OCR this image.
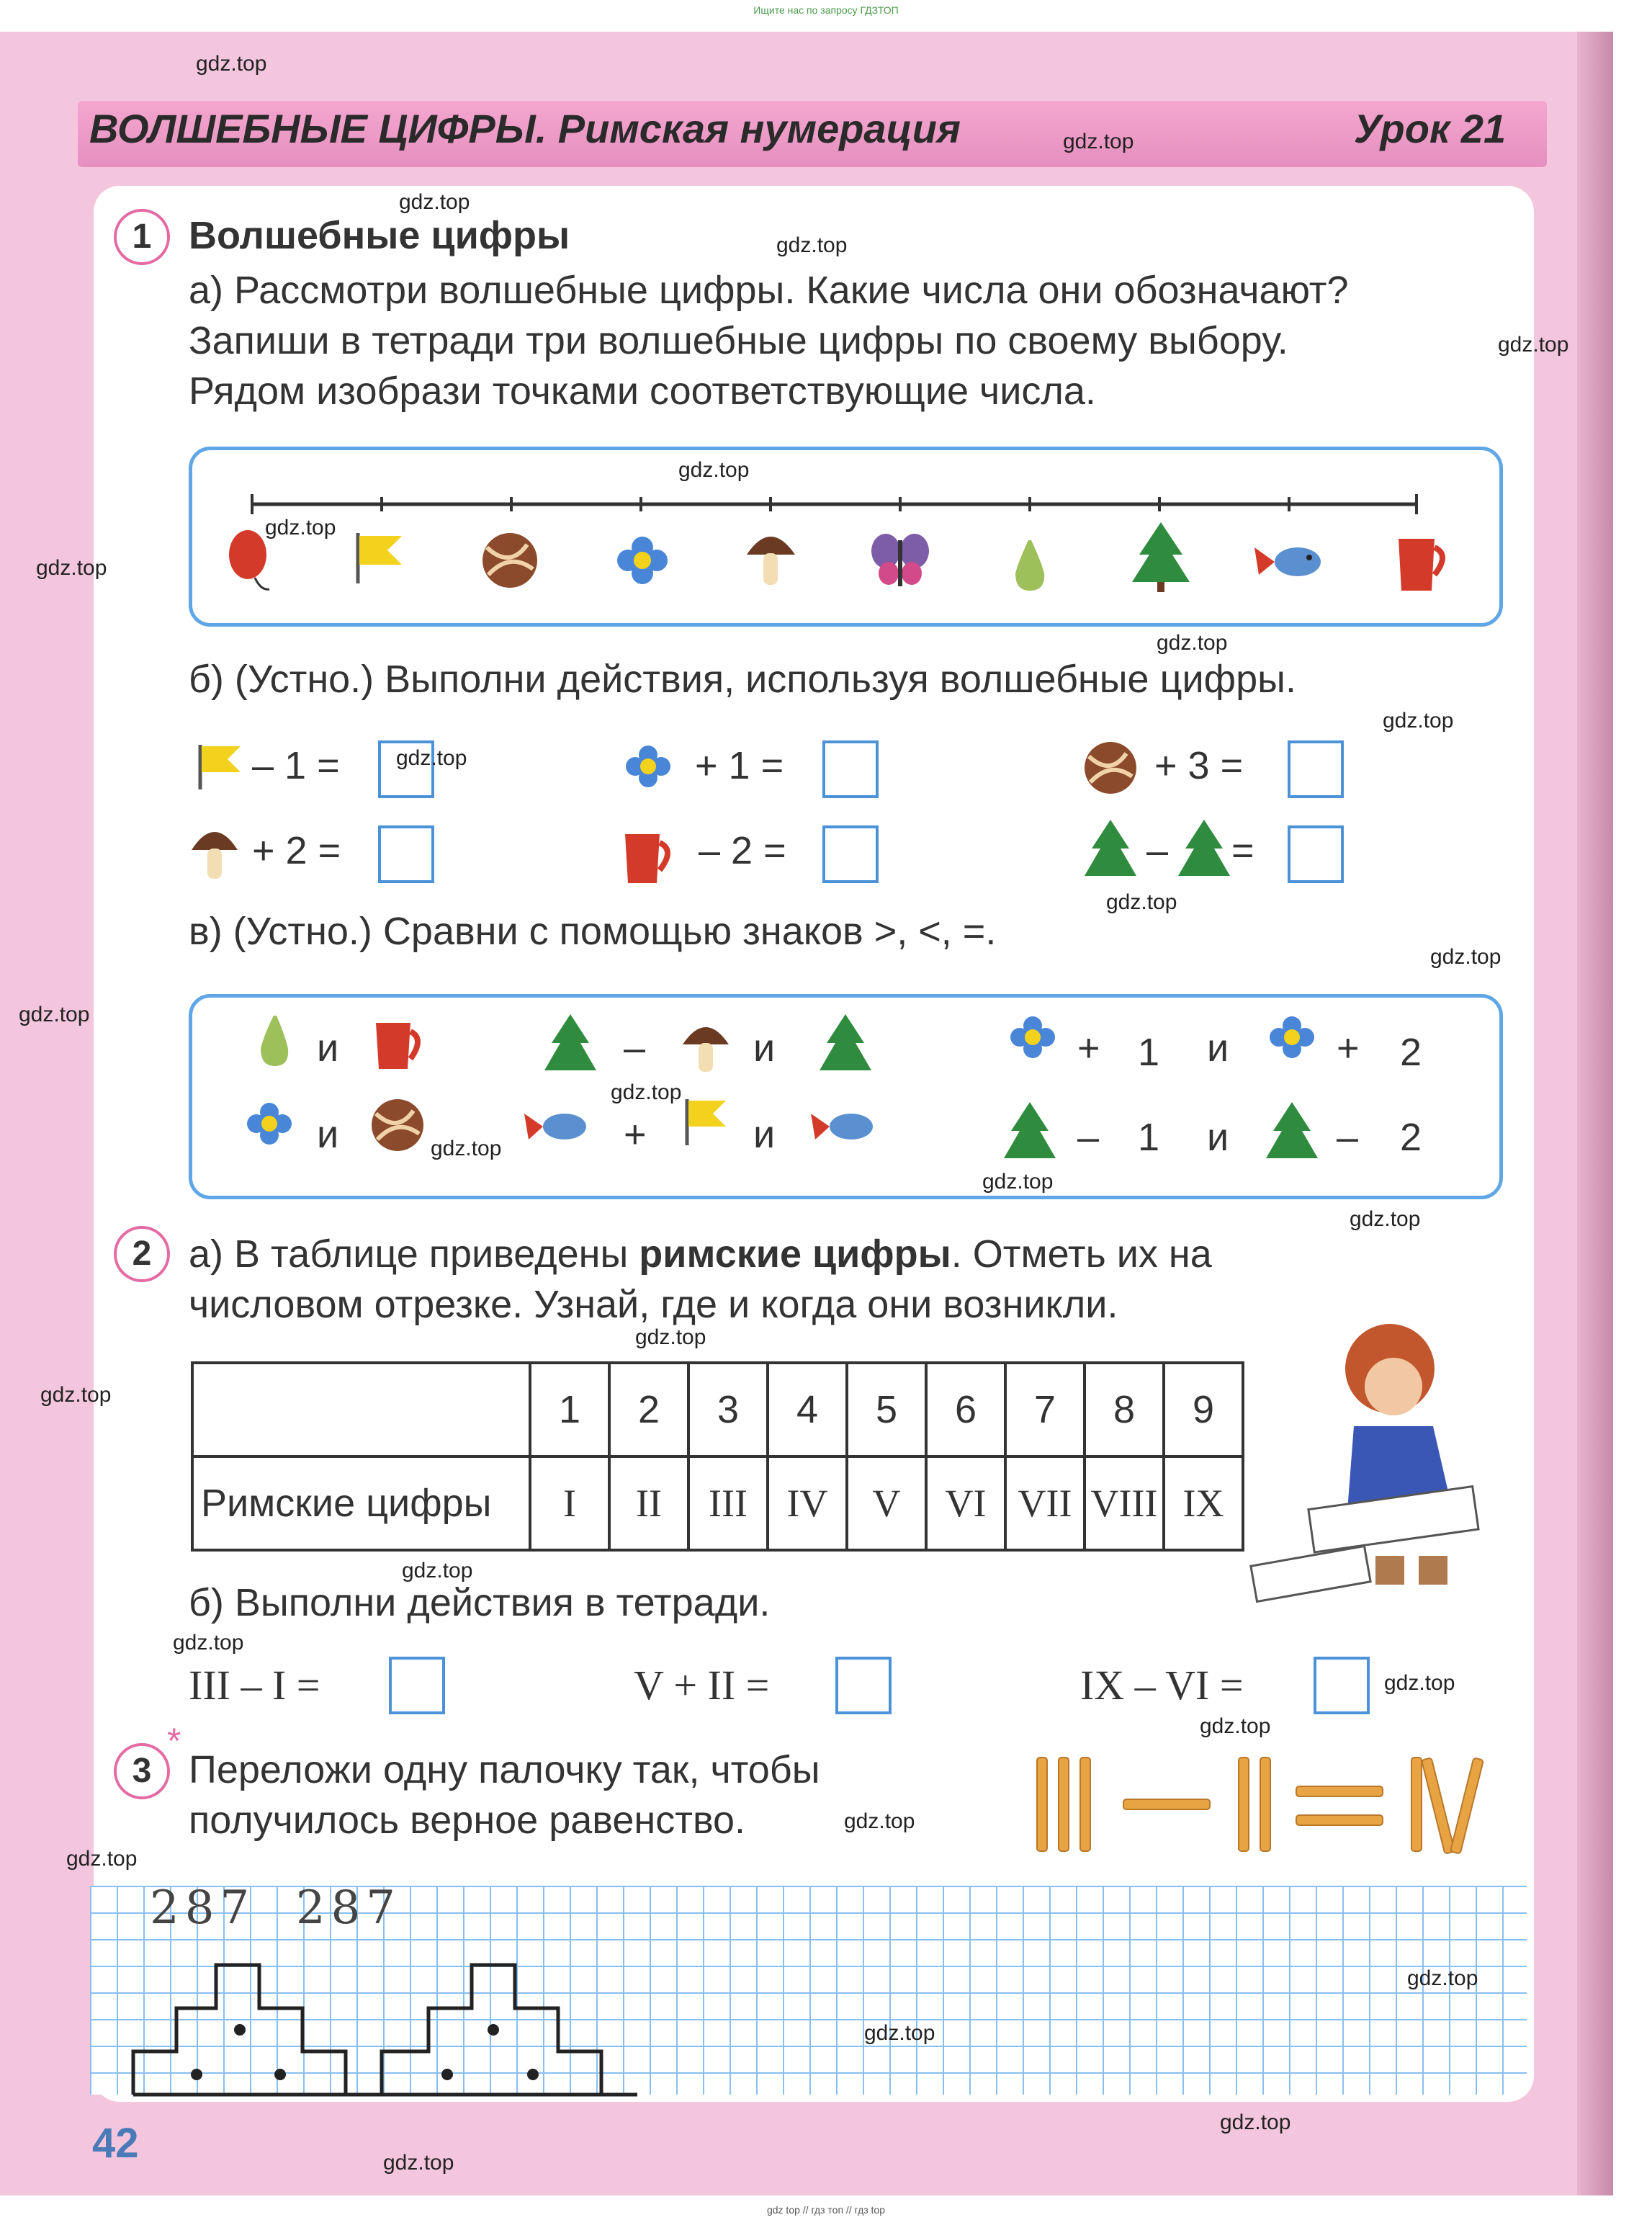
Ищите нас по запросу ГДЗТОП
gdz top // гдз топ // гдз top
ВОЛШЕБНЫЕ ЦИФРЫ. Римская нумерация	Урок 21
1 Волшебные цифры
а) Рассмотри волшебные цифры. Какие числа они обозначают?
Запиши в тетради три волшебные цифры по своему выбору.
Рядом изобрази точками соответствующие числа.
б) (Устно.) Выполни действия, используя волшебные цифры.
– 1 =	+ 1 =	+ 3 =
+ 2 =	– 2 =	– =
в) (Устно.) Сравни с помощью знаков >, <, =.
и	–	и	+ 1 и	+ 2
и	+	и	– 1 и	– 2
2 а) В таблице приведены римские цифры. Отметь их на
числовом отрезке. Узнай, где и когда они возникли.
	1	2	3	4	5	6	7	8	9
Римские цифры	I	II	III	IV	V	VI	VII	VIII	IX
б) Выполни действия в тетради.
III – I =	V + II =	IX – VI =
*
3 Переложи одну палочку так, чтобы
получилось верное равенство.
287  287
42
gdz.top
gdz.top
gdz.top
gdz.top
gdz.top
gdz.top
gdz.top
gdz.top
gdz.top
gdz.top
gdz.top
gdz.top
gdz.top
gdz.top
gdz.top
gdz.top
gdz.top
gdz.top
gdz.top
gdz.top
gdz.top
gdz.top
gdz.top
gdz.top
gdz.top
gdz.top
gdz.top
gdz.top
gdz.top
gdz.top
